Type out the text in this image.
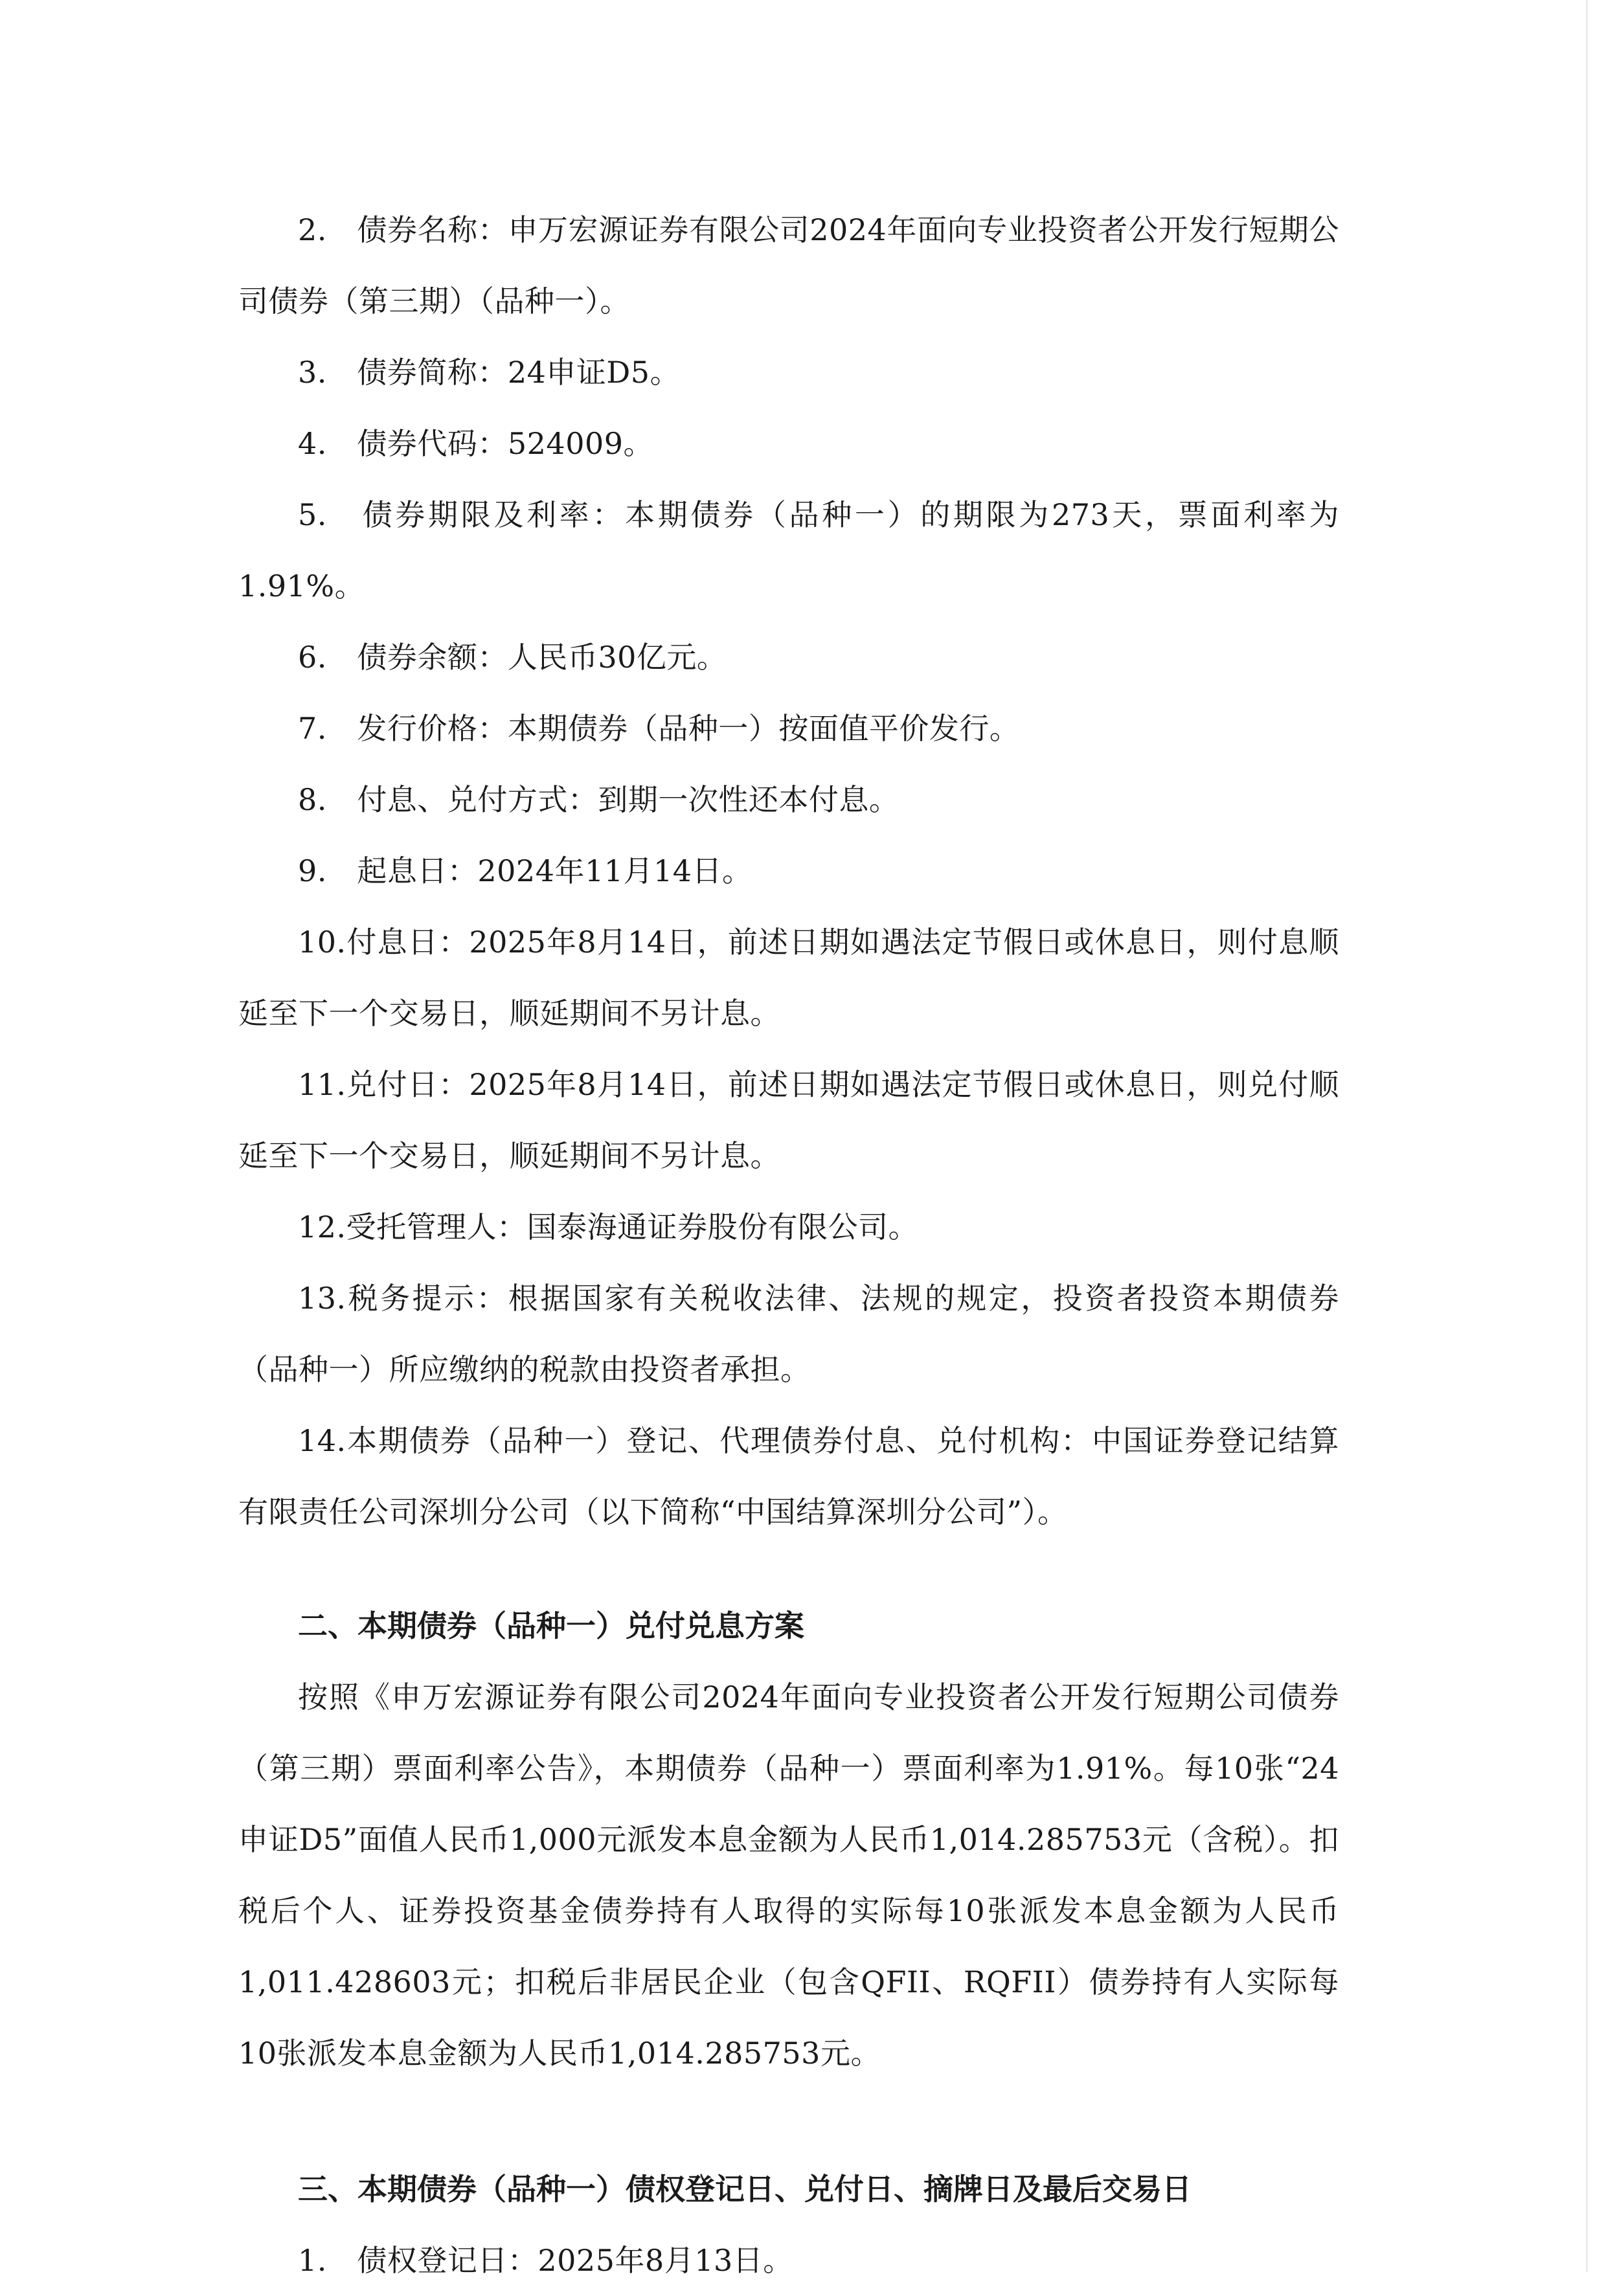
2.　债券名称：申万宏源证券有限公司2024年面向专业投资者公开发行短期公司债券（第三期）（品种一）。

3.　债券简称：24申证D5。

4.　债券代码：524009。

5.　债券期限及利率：本期债券（品种一）的期限为273天，票面利率为1.91%。

6.　债券余额：人民币30亿元。

7.　发行价格：本期债券（品种一）按面值平价发行。

8.　付息、兑付方式：到期一次性还本付息。

9.　起息日：2024年11月14日。

10.付息日：2025年8月14日，前述日期如遇法定节假日或休息日，则付息顺延至下一个交易日，顺延期间不另计息。

11.兑付日：2025年8月14日，前述日期如遇法定节假日或休息日，则兑付顺延至下一个交易日，顺延期间不另计息。

12.受托管理人：国泰海通证券股份有限公司。

13.税务提示：根据国家有关税收法律、法规的规定，投资者投资本期债券（品种一）所应缴纳的税款由投资者承担。

14.本期债券（品种一）登记、代理债券付息、兑付机构：中国证券登记结算有限责任公司深圳分公司（以下简称“中国结算深圳分公司”）。

二、本期债券（品种一）兑付兑息方案

按照《申万宏源证券有限公司2024年面向专业投资者公开发行短期公司债券（第三期）票面利率公告》，本期债券（品种一）票面利率为1.91%。每10张“24申证D5”面值人民币1,000元派发本息金额为人民币1,014.285753元（含税）。扣税后个人、证券投资基金债券持有人取得的实际每10张派发本息金额为人民币1,011.428603元；扣税后非居民企业（包含QFII、RQFII）债券持有人实际每10张派发本息金额为人民币1,014.285753元。

三、本期债券（品种一）债权登记日、兑付日、摘牌日及最后交易日

1.　债权登记日：2025年8月13日。
